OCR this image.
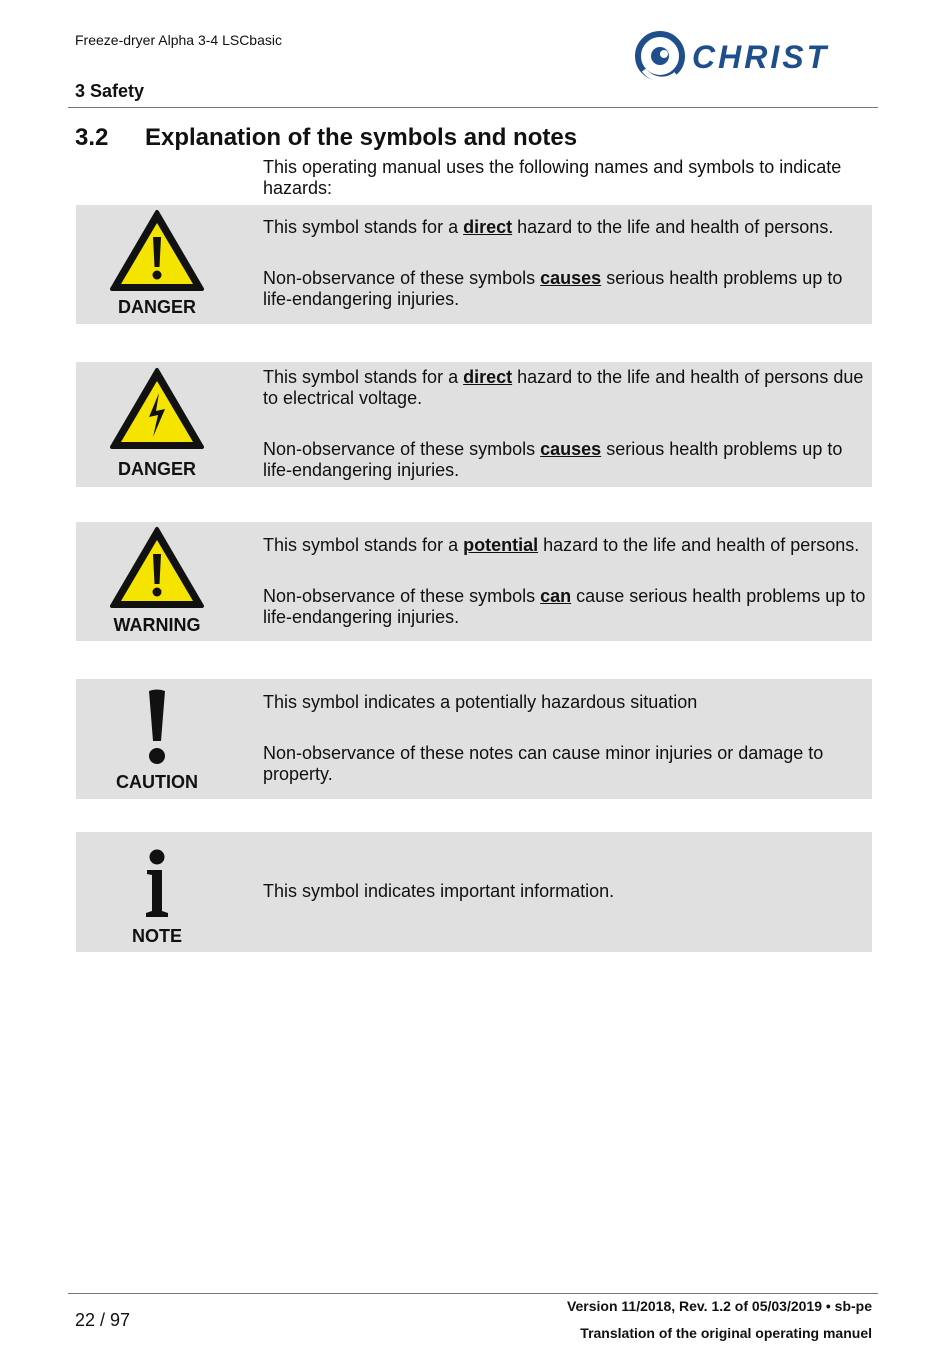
Freeze-dryer Alpha 3-4 LSCbasic	CHRIST
3 Safety
3.2 Explanation of the symbols and notes
This operating manual uses the following names and symbols to indicate hazards:
DANGER

This symbol stands for a direct hazard to the life and health of persons.

Non-observance of these symbols causes serious health problems up to life-endangering injuries.

DANGER

This symbol stands for a direct hazard to the life and health of persons due to electrical voltage.

Non-observance of these symbols causes serious health problems up to life-endangering injuries.

WARNING

This symbol stands for a potential hazard to the life and health of persons.

Non-observance of these symbols can cause serious health problems up to life-endangering injuries.

CAUTION

This symbol indicates a potentially hazardous situation

Non-observance of these notes can cause minor injuries or damage to property.

NOTE

This symbol indicates important information.

22 / 97
Version 11/2018, Rev. 1.2 of 05/03/2019 • sb-pe
Translation of the original operating manuel
